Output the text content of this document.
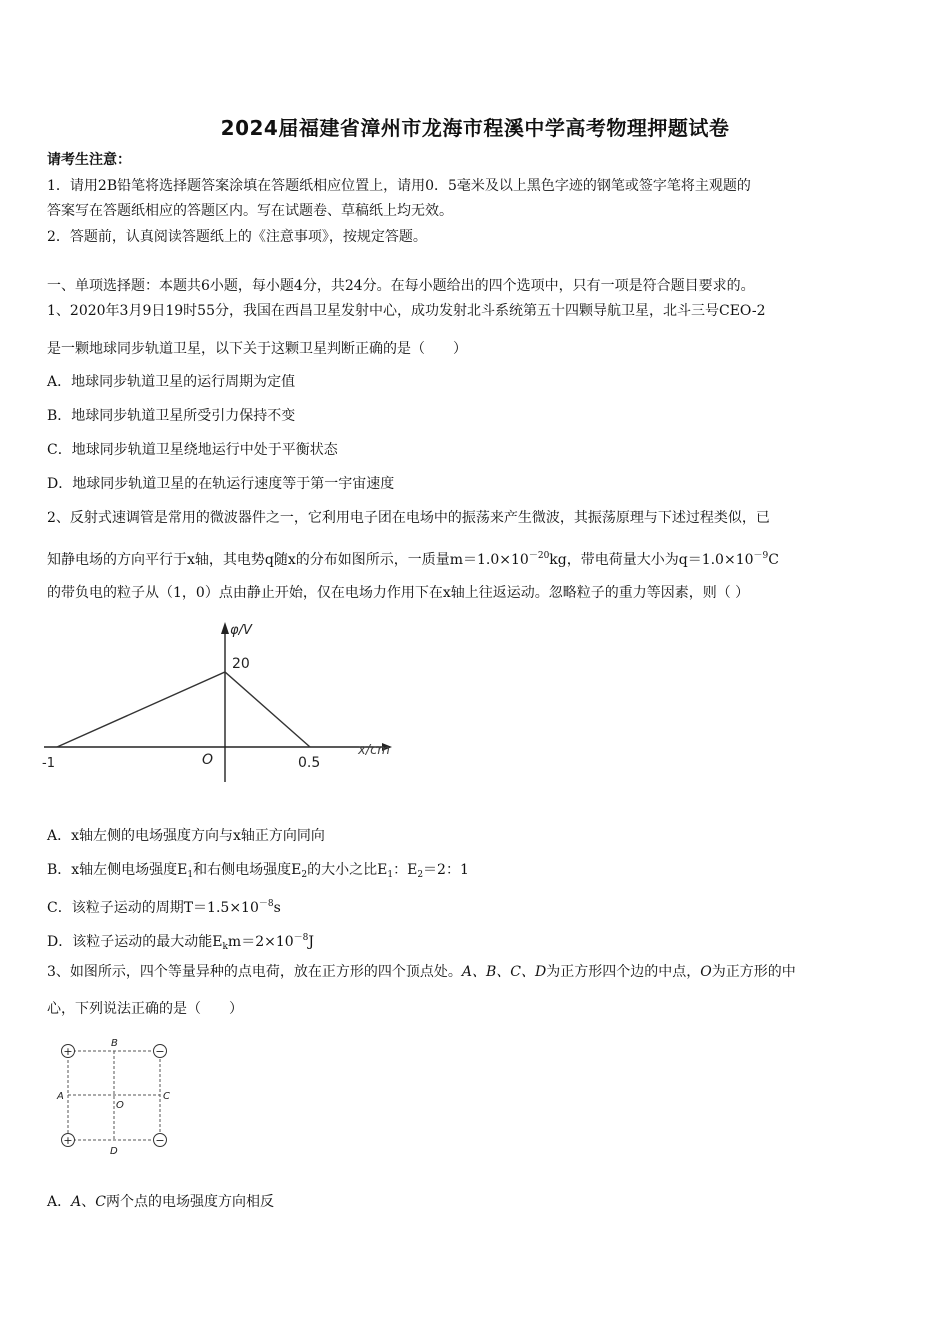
2024届福建省漳州市龙海市程溪中学高考物理押题试卷
请考生注意：
1．请用2B铅笔将选择题答案涂填在答题纸相应位置上，请用0．5毫米及以上黑色字迹的钢笔或签字笔将主观题的
答案写在答题纸相应的答题区内。写在试题卷、草稿纸上均无效。
2．答题前，认真阅读答题纸上的《注意事项》，按规定答题。
一、单项选择题：本题共6小题，每小题4分，共24分。在每小题给出的四个选项中，只有一项是符合题目要求的。
1、2020年3月9日19时55分，我国在西昌卫星发射中心，成功发射北斗系统第五十四颗导航卫星，北斗三号CEO-2
是一颗地球同步轨道卫星，以下关于这颗卫星判断正确的是（　　）
A．地球同步轨道卫星的运行周期为定值
B．地球同步轨道卫星所受引力保持不变
C．地球同步轨道卫星绕地运行中处于平衡状态
D．地球同步轨道卫星的在轨运行速度等于第一宇宙速度
2、反射式速调管是常用的微波器件之一，它利用电子团在电场中的振荡来产生微波，其振荡原理与下述过程类似，已
知静电场的方向平行于x轴，其电势q随x的分布如图所示，一质量$m=1.0\times 10^{-20}kg$，带电荷量大小为$q=1.0\times 10^{-9}C$
的带负电的粒子从（1，0）点由静止开始，仅在电场力作用下在x轴上往返运动。忽略粒子的重力等因素，则（ ）
φ/V
20
x/cm
O
-1	0.5
A．x轴左侧的电场强度方向与x轴正方向同向
B．x轴左侧电场强度$E_1$和右侧电场强度$E_2$的大小之比$E_1$：$E_2=2$：1
C．该粒子运动的周期$T=1.5\times 10^{-8}s$
D．该粒子运动的最大动能$E_km=2\times 10^{-8}J$
3、如图所示，四个等量异种的点电荷，放在正方形的四个顶点处。A、B、C、D为正方形四个边的中点，O为正方形的中
心，下列说法正确的是（　　）
+	−
+	−
B
A	C
O
D
A．A、C两个点的电场强度方向相反
